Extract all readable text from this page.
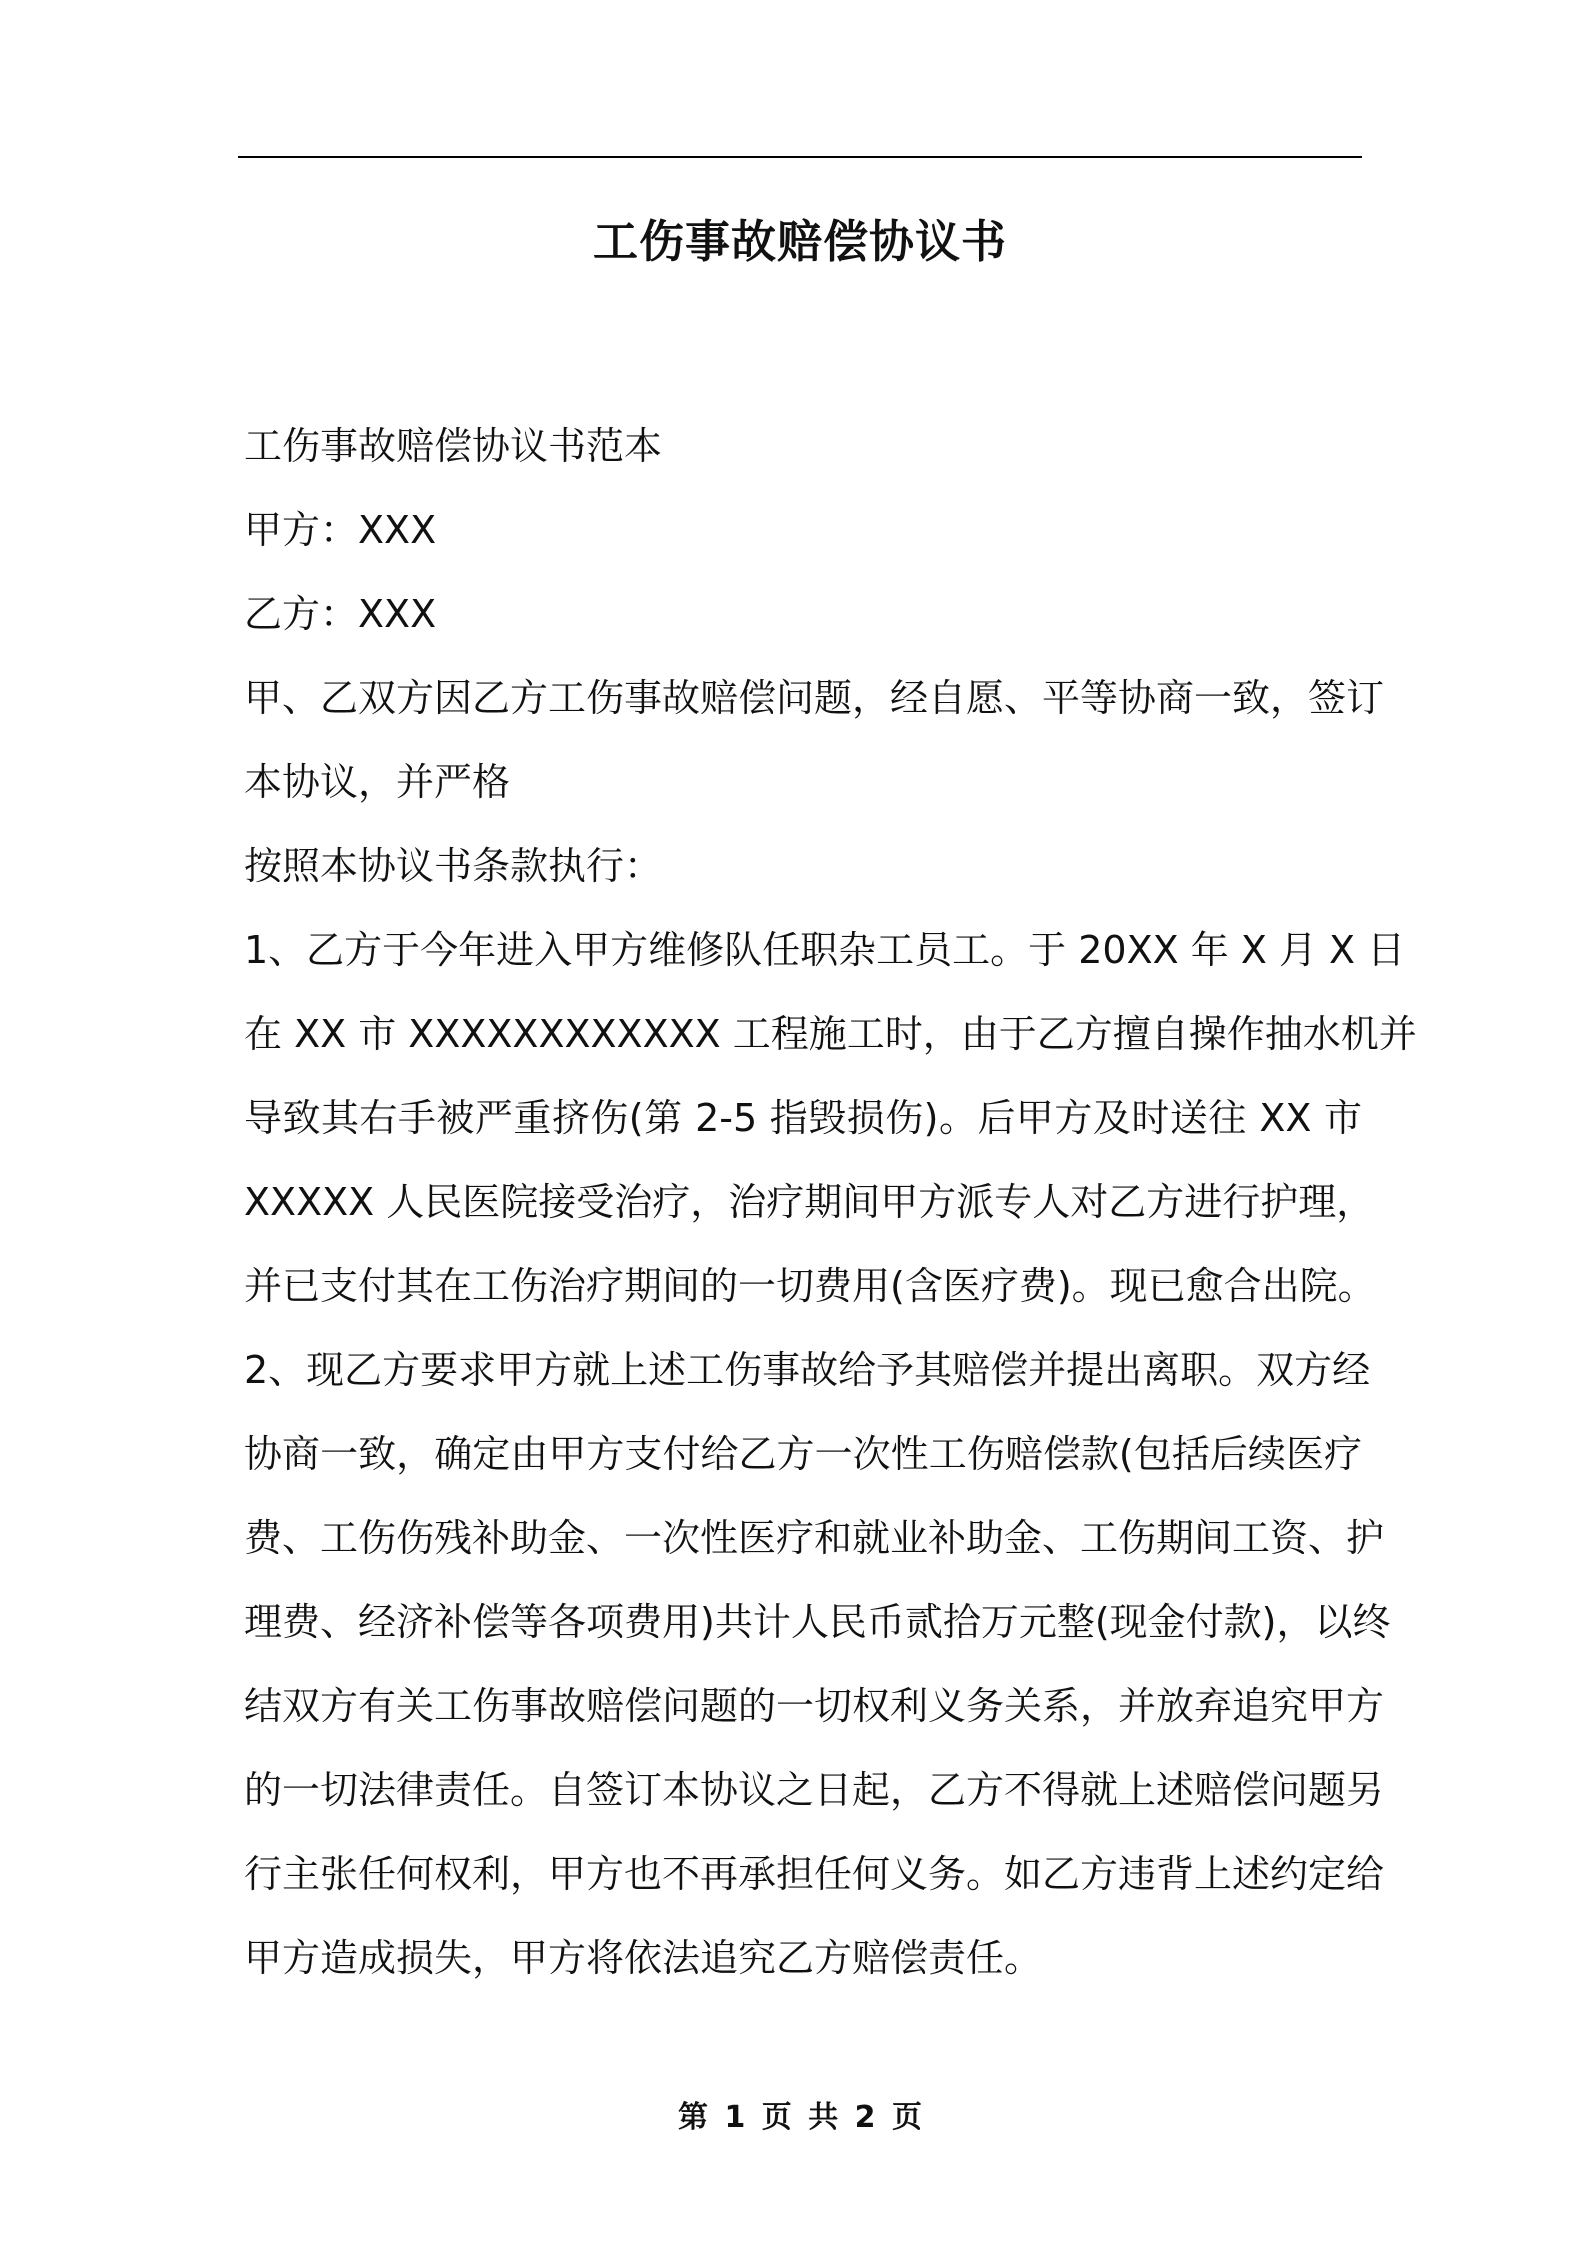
工伤事故赔偿协议书
工伤事故赔偿协议书范本
甲方：XXX
乙方：XXX
甲、乙双方因乙方工伤事故赔偿问题，经自愿、平等协商一致，签订
本协议，并严格
按照本协议书条款执行：
1、乙方于今年进入甲方维修队任职杂工员工。于 20XX 年 X 月 X 日
在 XX 市 XXXXXXXXXXXX 工程施工时，由于乙方擅自操作抽水机并
导致其右手被严重挤伤(第 2-5 指毁损伤)。后甲方及时送往 XX 市
XXXXX 人民医院接受治疗，治疗期间甲方派专人对乙方进行护理，
并已支付其在工伤治疗期间的一切费用(含医疗费)。现已愈合出院。
2、现乙方要求甲方就上述工伤事故给予其赔偿并提出离职。双方经
协商一致，确定由甲方支付给乙方一次性工伤赔偿款(包括后续医疗
费、工伤伤残补助金、一次性医疗和就业补助金、工伤期间工资、护
理费、经济补偿等各项费用)共计人民币贰拾万元整(现金付款)，以终
结双方有关工伤事故赔偿问题的一切权利义务关系，并放弃追究甲方
的一切法律责任。自签订本协议之日起，乙方不得就上述赔偿问题另
行主张任何权利，甲方也不再承担任何义务。如乙方违背上述约定给
甲方造成损失，甲方将依法追究乙方赔偿责任。
第 1 页 共 2 页
